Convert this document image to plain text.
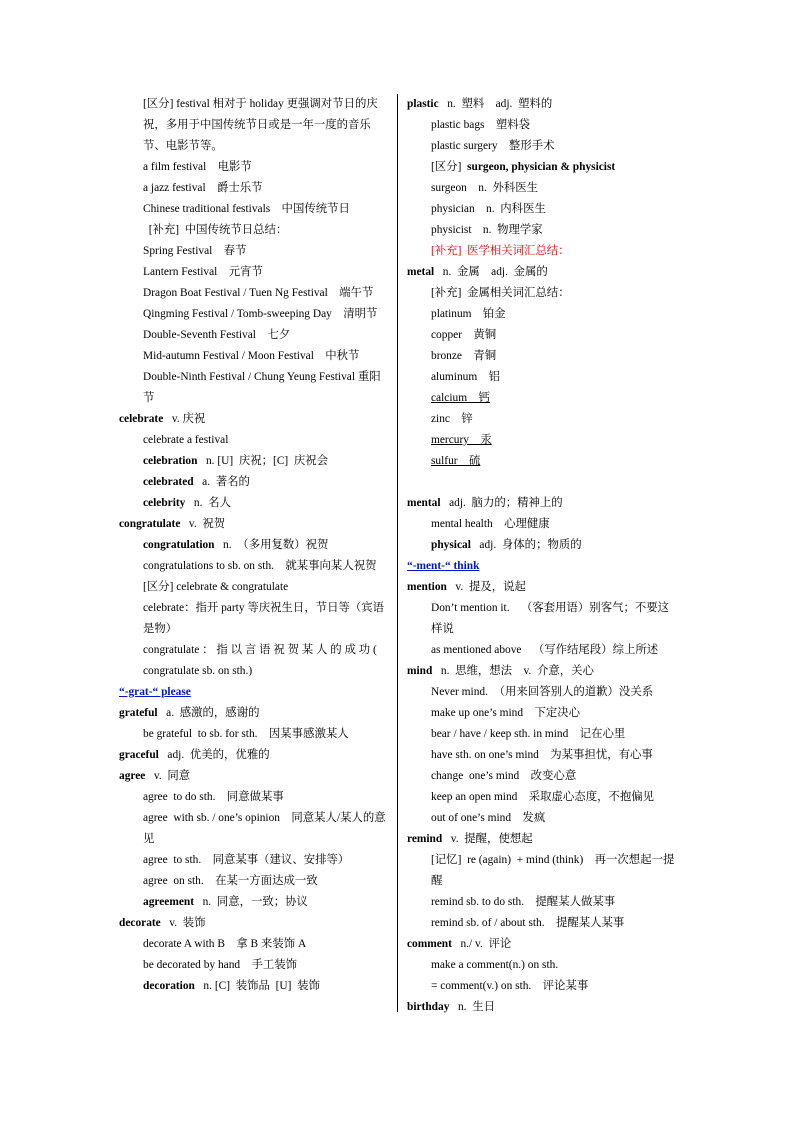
[区分] festival 相对于 holiday 更强调对节日的庆祝，多用于中国传统节日或是一年一度的音乐节、电影节等。
a film festival    电影节
a jazz festival    爵士乐节
Chinese traditional festivals    中国传统节日
[补充]  中国传统节日总结：
Spring Festival    春节
Lantern Festival    元宵节
Dragon Boat Festival / Tuen Ng Festival    端午节
Qingming Festival / Tomb-sweeping Day    清明节
Double-Seventh Festival    七夕
Mid-autumn Festival / Moon Festival    中秋节
Double-Ninth Festival / Chung Yeung Festival 重阳节
celebrate   v. 庆祝
celebrate a festival
celebration   n. [U]  庆祝；[C]  庆祝会
celebrated   a.  著名的
celebrity   n.  名人
congratulate   v.  祝贺
congratulation   n.  （多用复数）祝贺
congratulations to sb. on sth.    就某事向某人祝贺
[区分] celebrate & congratulate
celebrate：指开 party 等庆祝生日，节日等（宾语是物）
congratulate ： 指 以 言 语 祝 贺 某 人 的 成 功 ( congratulate sb. on sth.)
“-grat-“ please
grateful   a.  感激的，感谢的
be grateful  to sb. for sth.    因某事感激某人
graceful   adj.  优美的，优雅的
agree   v.  同意
agree  to do sth.    同意做某事
agree  with sb. / one’s opinion    同意某人/某人的意见
agree  to sth.    同意某事（建议、安排等）
agree  on sth.    在某一方面达成一致
agreement   n.  同意，一致；协议
decorate   v.  装饰
decorate A with B    拿 B 来装饰 A
be decorated by hand    手工装饰
decoration   n. [C]  装饰品  [U]  装饰
plastic   n.  塑料    adj.  塑料的
plastic bags    塑料袋
plastic surgery    整形手术
[区分]  surgeon, physician & physicist
surgeon    n.  外科医生
physician    n.  内科医生
physicist    n.  物理学家
[补充]  医学相关词汇总结：
metal   n.  金属    adj.  金属的
[补充]  金属相关词汇总结：
platinum    铂金
copper    黄铜
bronze    青铜
aluminum    铝
calcium    钙
zinc    锌
mercury    汞
sulfur    硫

mental   adj.  脑力的；精神上的
mental health    心理健康
physical   adj.  身体的；物质的
“-ment-“ think
mention   v.  提及，说起
Don’t mention it.    （客套用语）别客气；不要这样说
as mentioned above    （写作结尾段）综上所述
mind   n.  思维，想法    v.  介意，关心
Never mind.  （用来回答别人的道歉）没关系
make up one’s mind    下定决心
bear / have / keep sth. in mind    记在心里
have sth. on one’s mind    为某事担忧，有心事
change  one’s mind    改变心意
keep an open mind    采取虚心态度，不抱偏见
out of one’s mind    发疯
remind   v.  提醒，使想起
[记忆]  re (again)  + mind (think)    再一次想起一提醒
remind sb. to do sth.    提醒某人做某事
remind sb. of / about sth.    提醒某人某事
comment   n./ v.  评论
make a comment(n.) on sth.
= comment(v.) on sth.    评论某事
birthday   n.  生日
